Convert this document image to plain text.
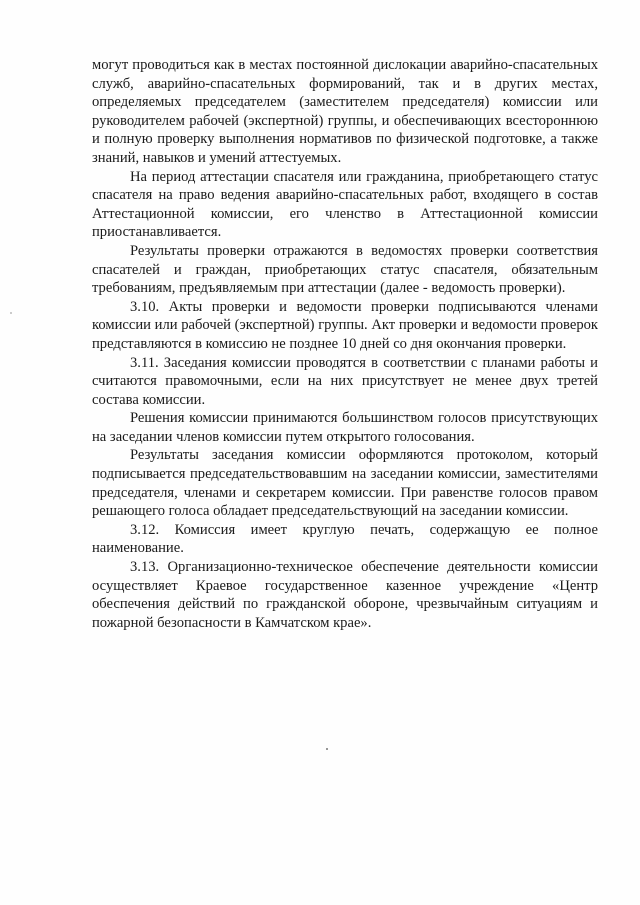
могут проводиться как в местах постоянной дислокации аварийно-спасательных служб, аварийно-спасательных формирований, так и в других местах, определяемых председателем (заместителем председателя) комиссии или руководителем рабочей (экспертной) группы, и обеспечивающих всестороннюю и полную проверку выполнения нормативов по физической подготовке, а также знаний, навыков и умений аттестуемых.

На период аттестации спасателя или гражданина, приобретающего статус спасателя на право ведения аварийно-спасательных работ, входящего в состав Аттестационной комиссии, его членство в Аттестационной комиссии приостанавливается.

Результаты проверки отражаются в ведомостях проверки соответствия спасателей и граждан, приобретающих статус спасателя, обязательным требованиям, предъявляемым при аттестации (далее - ведомость проверки).

3.10. Акты проверки и ведомости проверки подписываются членами комиссии или рабочей (экспертной) группы. Акт проверки и ведомости проверок представляются в комиссию не позднее 10 дней со дня окончания проверки.

3.11. Заседания комиссии проводятся в соответствии с планами работы и считаются правомочными, если на них присутствует не менее двух третей состава комиссии.

Решения комиссии принимаются большинством голосов присутствующих на заседании членов комиссии путем открытого голосования.

Результаты заседания комиссии оформляются протоколом, который подписывается председательствовавшим на заседании комиссии, заместителями председателя, членами и секретарем комиссии. При равенстве голосов правом решающего голоса обладает председательствующий на заседании комиссии.

3.12. Комиссия имеет круглую печать, содержащую ее полное наименование.

3.13. Организационно-техническое обеспечение деятельности комиссии осуществляет Краевое государственное казенное учреждение «Центр обеспечения действий по гражданской обороне, чрезвычайным ситуациям и пожарной безопасности в Камчатском крае».
